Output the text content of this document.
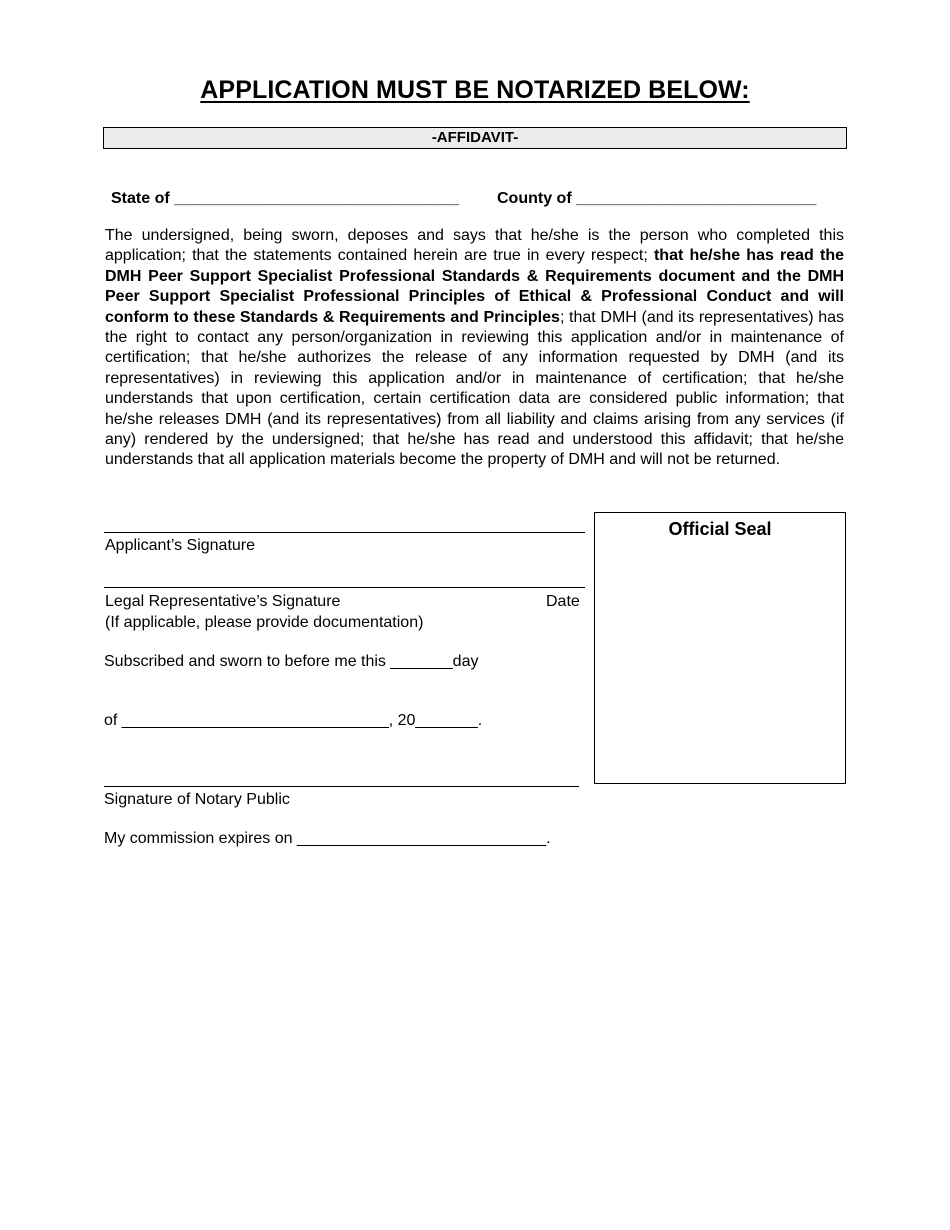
APPLICATION MUST BE NOTARIZED BELOW:
-AFFIDAVIT-
State of ________________________________ County of ___________________________
The undersigned, being sworn, deposes and says that he/she is the person who completed this application; that the statements contained herein are true in every respect; that he/she has read the DMH Peer Support Specialist Professional Standards & Requirements document and the DMH Peer Support Specialist Professional Principles of Ethical & Professional Conduct and will conform to these Standards & Requirements and Principles; that DMH (and its representatives) has the right to contact any person/organization in reviewing this application and/or in maintenance of certification; that he/she authorizes the release of any information requested by DMH (and its representatives) in reviewing this application and/or in maintenance of certification; that he/she understands that upon certification, certain certification data are considered public information; that he/she releases DMH (and its representatives) from all liability and claims arising from any services (if any) rendered by the undersigned; that he/she has read and understood this affidavit; that he/she understands that all application materials become the property of DMH and will not be returned.
Applicant’s Signature
Legal Representative’s Signature	Date
(If applicable, please provide documentation)
Subscribed and sworn to before me this _______day
of ______________________________, 20_______.
Signature of Notary Public
My commission expires on ____________________________.
Official Seal
